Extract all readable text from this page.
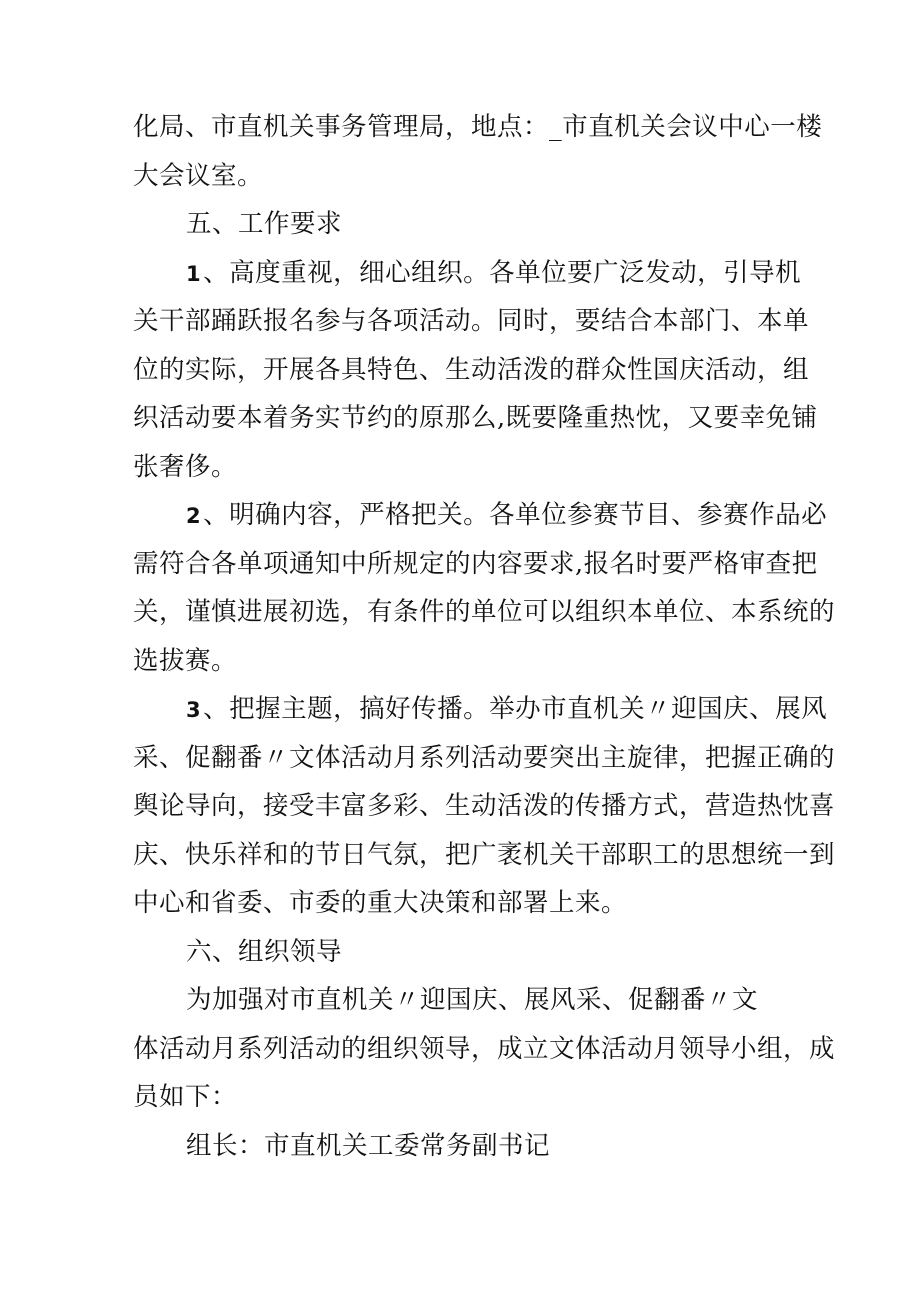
化局、市直机关事务管理局，地点：_市直机关会议中心一楼
大会议室。
五、工作要求
1、高度重视，细心组织。各单位要广泛发动，引导机
关干部踊跃报名参与各项活动。同时，要结合本部门、本单
位的实际，开展各具特色、生动活泼的群众性国庆活动，组
织活动要本着务实节约的原那么,既要隆重热忱，又要幸免铺
张奢侈。
2、明确内容，严格把关。各单位参赛节目、参赛作品必
需符合各单项通知中所规定的内容要求,报名时要严格审查把
关，谨慎进展初选，有条件的单位可以组织本单位、本系统的
选拔赛。
3、把握主题，搞好传播。举办市直机关〃迎国庆、展风
采、促翻番〃文体活动月系列活动要突出主旋律，把握正确的
舆论导向，接受丰富多彩、生动活泼的传播方式，营造热忱喜
庆、快乐祥和的节日气氛，把广袤机关干部职工的思想统一到
中心和省委、市委的重大决策和部署上来。
六、组织领导
为加强对市直机关〃迎国庆、展风采、促翻番〃文
体活动月系列活动的组织领导，成立文体活动月领导小组，成
员如下：
组长：市直机关工委常务副书记
